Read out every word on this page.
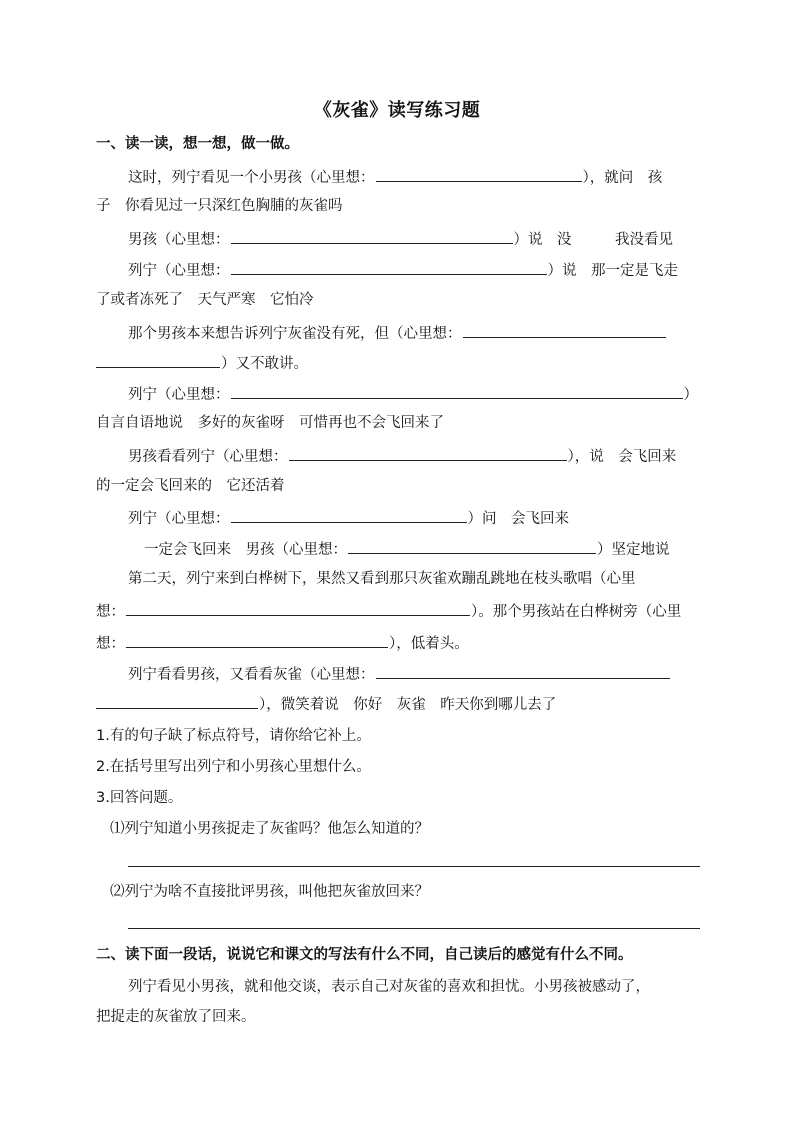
《灰雀》读写练习题
一、读一读，想一想，做一做。
这时，列宁看见一个小男孩（心里想：	），就问　孩
子　你看见过一只深红色胸脯的灰雀吗
男孩（心里想：	）说　没　　　我没看见
列宁（心里想：	）说　那一定是飞走
了或者冻死了　天气严寒　它怕冷
那个男孩本来想告诉列宁灰雀没有死，但（心里想：
）又不敢讲。
列宁（心里想：	）
自言自语地说　多好的灰雀呀　可惜再也不会飞回来了
男孩看看列宁（心里想：	），说　会飞回来
的一定会飞回来的　它还活着
列宁（心里想：	）问　会飞回来
一定会飞回来　男孩（心里想：	）坚定地说
第二天，列宁来到白桦树下，果然又看到那只灰雀欢蹦乱跳地在枝头歌唱（心里
想：	）。那个男孩站在白桦树旁（心里
想：	），低着头。
列宁看看男孩，又看看灰雀（心里想：
），微笑着说　你好　灰雀　昨天你到哪儿去了
1.有的句子缺了标点符号，请你给它补上。
2.在括号里写出列宁和小男孩心里想什么。
3.回答问题。
⑴列宁知道小男孩捉走了灰雀吗？他怎么知道的？
⑵列宁为啥不直接批评男孩，叫他把灰雀放回来？
二、读下面一段话，说说它和课文的写法有什么不同，自己读后的感觉有什么不同。
列宁看见小男孩，就和他交谈，表示自己对灰雀的喜欢和担忧。小男孩被感动了，
把捉走的灰雀放了回来。
